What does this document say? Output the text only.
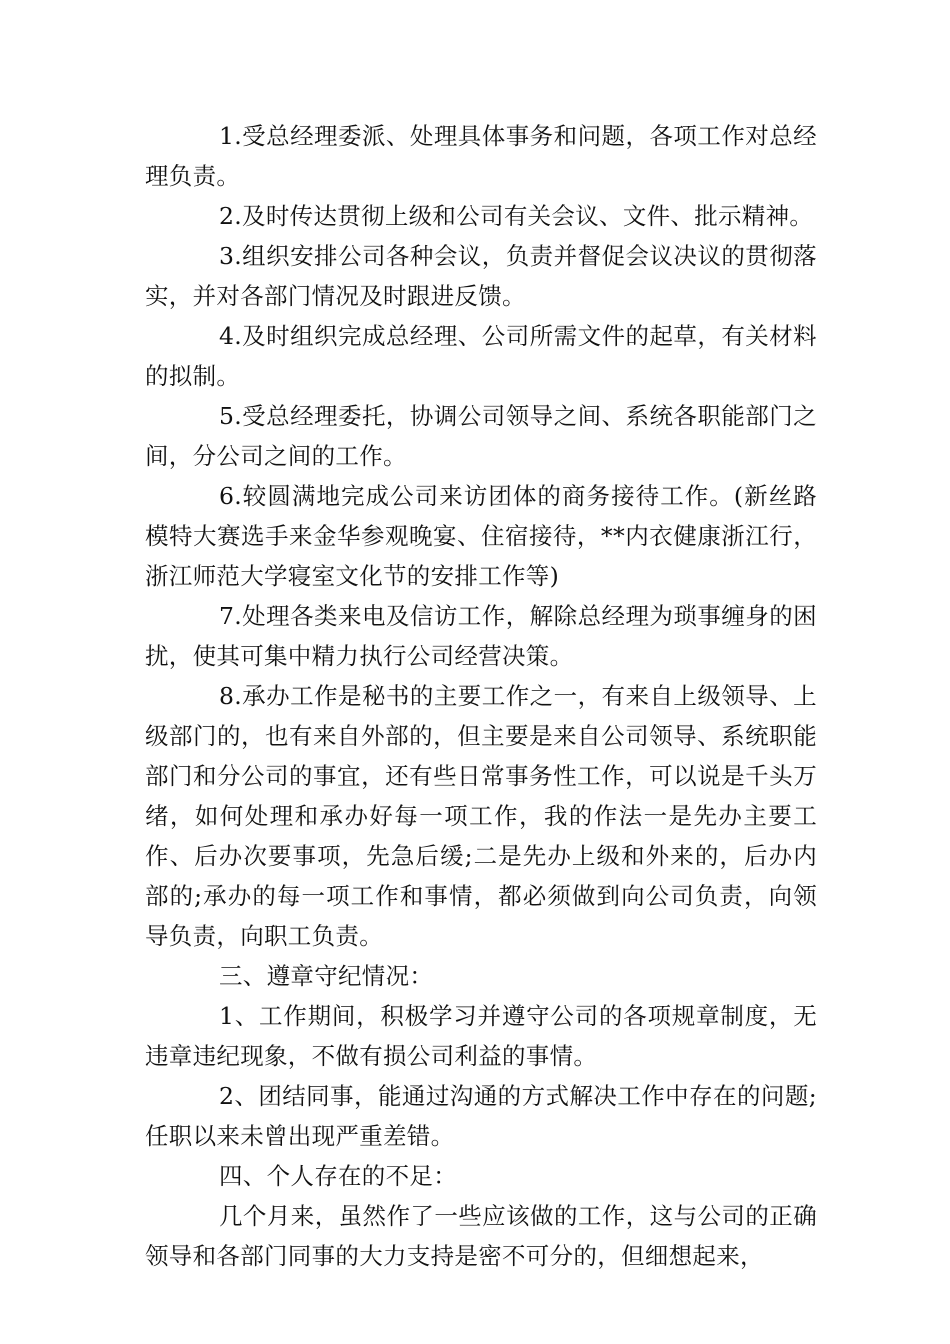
1.受总经理委派、处理具体事务和问题，各项工作对总经理负责。

2.及时传达贯彻上级和公司有关会议、文件、批示精神。

3.组织安排公司各种会议，负责并督促会议决议的贯彻落实，并对各部门情况及时跟进反馈。

4.及时组织完成总经理、公司所需文件的起草，有关材料的拟制。

5.受总经理委托，协调公司领导之间、系统各职能部门之间，分公司之间的工作。

6.较圆满地完成公司来访团体的商务接待工作。(新丝路模特大赛选手来金华参观晚宴、住宿接待，**内衣健康浙江行，浙江师范大学寝室文化节的安排工作等)

7.处理各类来电及信访工作，解除总经理为琐事缠身的困扰，使其可集中精力执行公司经营决策。

8.承办工作是秘书的主要工作之一，有来自上级领导、上级部门的，也有来自外部的，但主要是来自公司领导、系统职能部门和分公司的事宜，还有些日常事务性工作，可以说是千头万绪，如何处理和承办好每一项工作，我的作法一是先办主要工作、后办次要事项，先急后缓;二是先办上级和外来的，后办内部的;承办的每一项工作和事情，都必须做到向公司负责，向领导负责，向职工负责。

三、遵章守纪情况：

1、工作期间，积极学习并遵守公司的各项规章制度，无违章违纪现象，不做有损公司利益的事情。

2、团结同事，能通过沟通的方式解决工作中存在的问题;任职以来未曾出现严重差错。

四、个人存在的不足：

几个月来，虽然作了一些应该做的工作，这与公司的正确领导和各部门同事的大力支持是密不可分的，但细想起来，
